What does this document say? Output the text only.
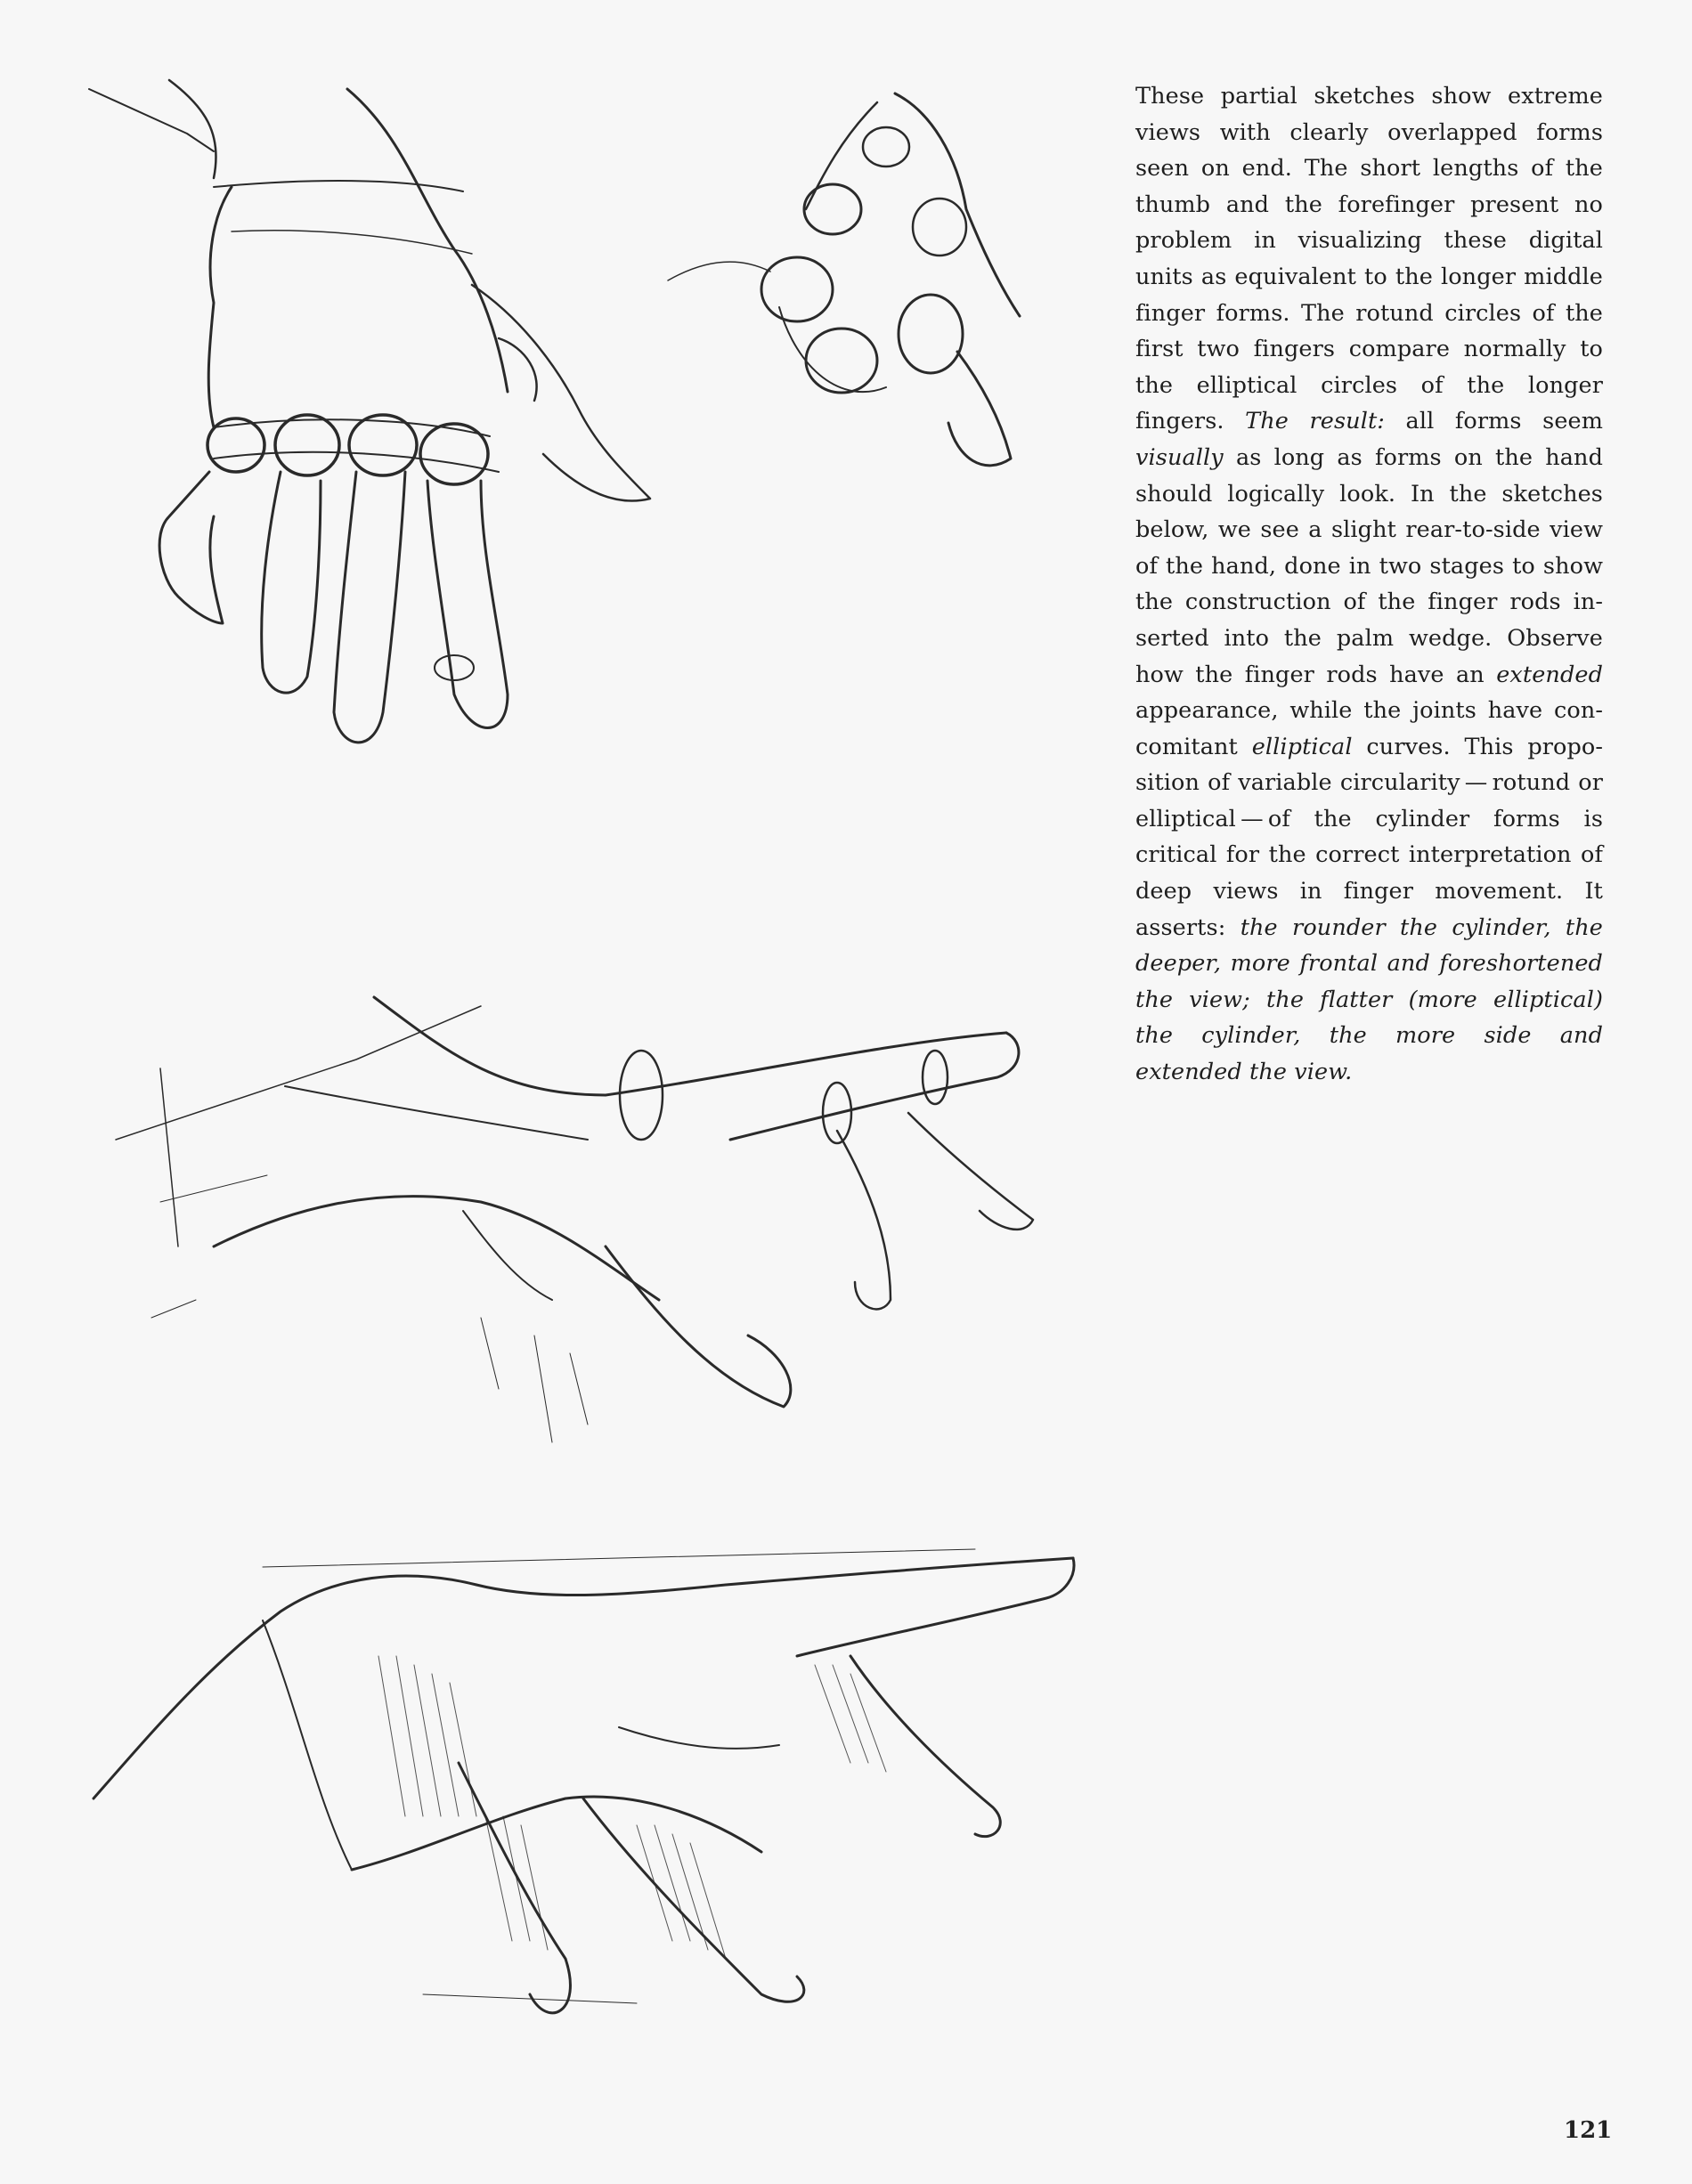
These partial sketches show extreme views with clearly overlapped forms seen on end. The short lengths of the thumb and the forefinger present no problem in visualizing these digital units as equivalent to the longer middle finger forms. The rotund circles of the first two fingers compare normally to the elliptical circles of the longer fingers. The result: all forms seem visually as long as forms on the hand should logically look. In the sketches below, we see a slight rear-to-side view of the hand, done in two stages to show the construction of the finger rods inserted into the palm wedge. Observe how the finger rods have an extended appearance, while the joints have concomitant elliptical curves. This proposition of variable circularity — rotund or elliptical — of the cylinder forms is critical for the correct interpretation of deep views in finger movement. It asserts: the rounder the cylinder, the deeper, more frontal and foreshortened the view; the flatter (more elliptical) the cylinder, the more side and extended the view.

121
